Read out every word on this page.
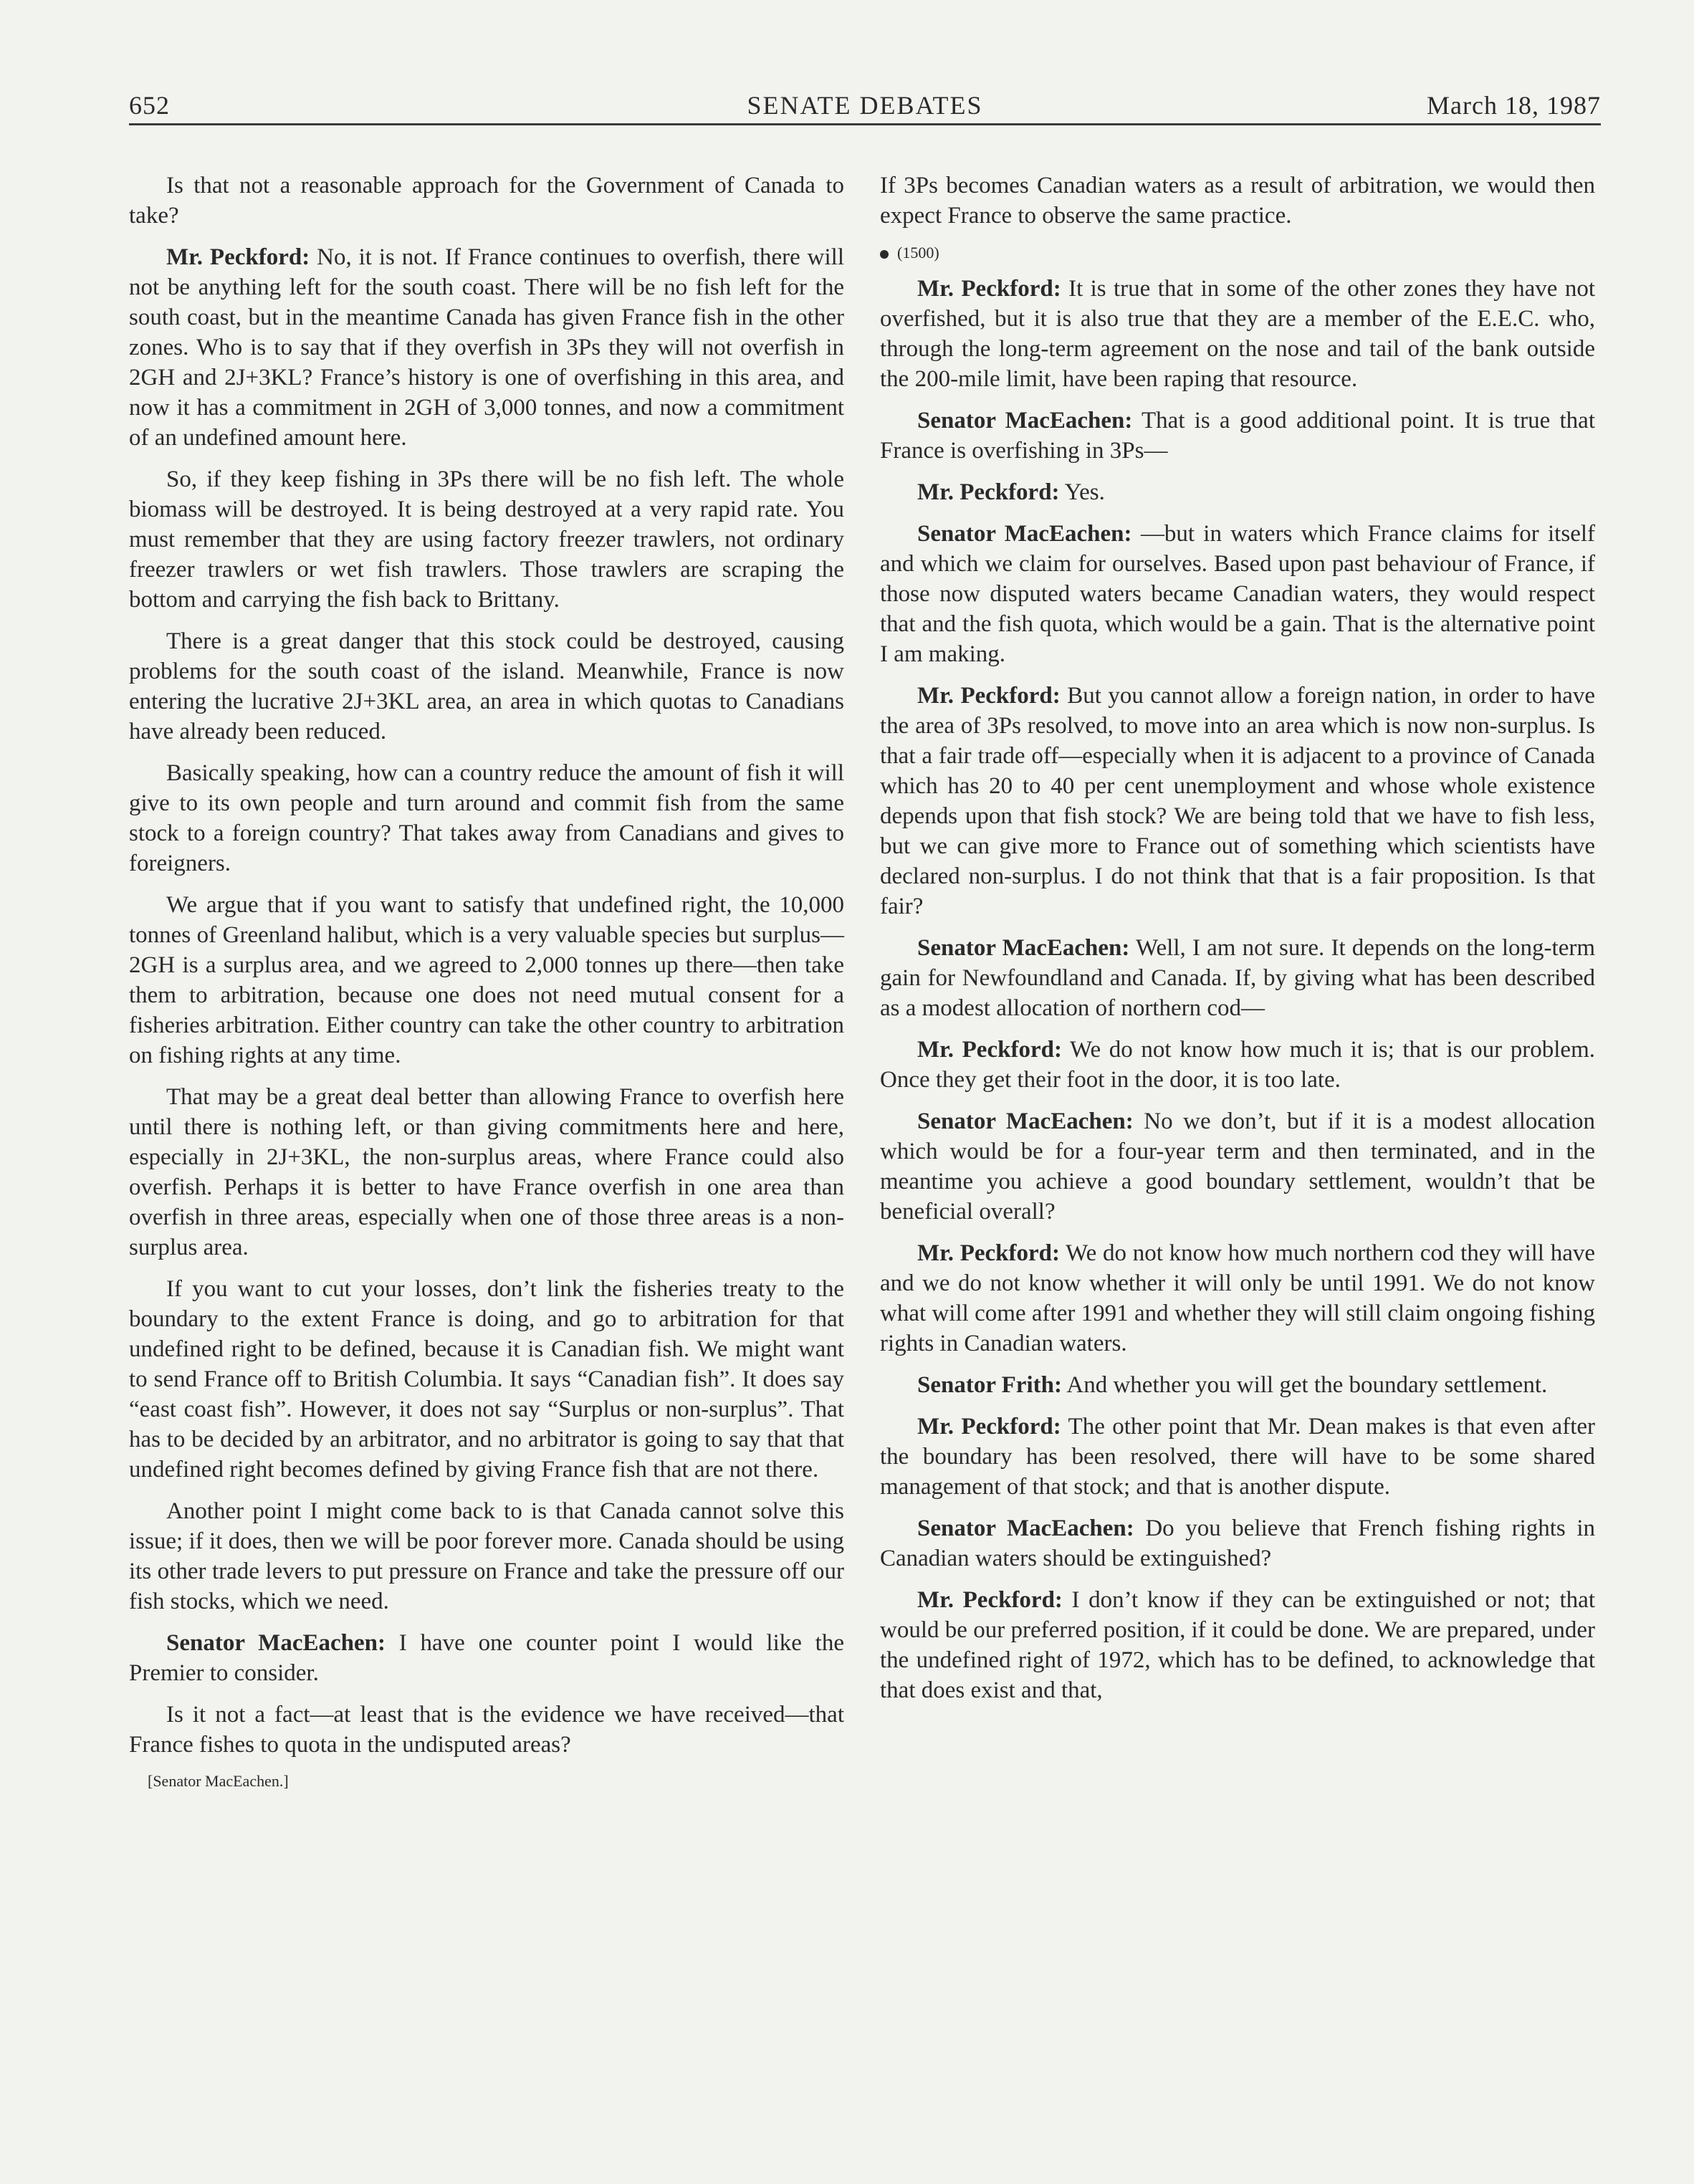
652	SENATE DEBATES	March 18, 1987

Is that not a reasonable approach for the Government of Canada to take?

Mr. Peckford: No, it is not. If France continues to overfish, there will not be anything left for the south coast. There will be no fish left for the south coast, but in the meantime Canada has given France fish in the other zones. Who is to say that if they overfish in 3Ps they will not overfish in 2GH and 2J+3KL? France’s history is one of overfishing in this area, and now it has a commitment in 2GH of 3,000 tonnes, and now a commitment of an undefined amount here.

So, if they keep fishing in 3Ps there will be no fish left. The whole biomass will be destroyed. It is being destroyed at a very rapid rate. You must remember that they are using factory freezer trawlers, not ordinary freezer trawlers or wet fish trawlers. Those trawlers are scraping the bottom and carrying the fish back to Brittany.

There is a great danger that this stock could be destroyed, causing problems for the south coast of the island. Meanwhile, France is now entering the lucrative 2J+3KL area, an area in which quotas to Canadians have already been reduced.

Basically speaking, how can a country reduce the amount of fish it will give to its own people and turn around and commit fish from the same stock to a foreign country? That takes away from Canadians and gives to foreigners.

We argue that if you want to satisfy that undefined right, the 10,000 tonnes of Greenland halibut, which is a very valuable species but surplus—2GH is a surplus area, and we agreed to 2,000 tonnes up there—then take them to arbitration, because one does not need mutual consent for a fisheries arbitration. Either country can take the other country to arbitration on fishing rights at any time.

That may be a great deal better than allowing France to overfish here until there is nothing left, or than giving commitments here and here, especially in 2J+3KL, the non-surplus areas, where France could also overfish. Perhaps it is better to have France overfish in one area than overfish in three areas, especially when one of those three areas is a non-surplus area.

If you want to cut your losses, don’t link the fisheries treaty to the boundary to the extent France is doing, and go to arbitration for that undefined right to be defined, because it is Canadian fish. We might want to send France off to British Columbia. It says “Canadian fish”. It does say “east coast fish”. However, it does not say “Surplus or non-surplus”. That has to be decided by an arbitrator, and no arbitrator is going to say that that undefined right becomes defined by giving France fish that are not there.

Another point I might come back to is that Canada cannot solve this issue; if it does, then we will be poor forever more. Canada should be using its other trade levers to put pressure on France and take the pressure off our fish stocks, which we need.

Senator MacEachen: I have one counter point I would like the Premier to consider.

Is it not a fact—at least that is the evidence we have received—that France fishes to quota in the undisputed areas?

[Senator MacEachen.]

If 3Ps becomes Canadian waters as a result of arbitration, we would then expect France to observe the same practice.

(1500)

Mr. Peckford: It is true that in some of the other zones they have not overfished, but it is also true that they are a member of the E.E.C. who, through the long-term agreement on the nose and tail of the bank outside the 200-mile limit, have been raping that resource.

Senator MacEachen: That is a good additional point. It is true that France is overfishing in 3Ps—

Mr. Peckford: Yes.

Senator MacEachen: —but in waters which France claims for itself and which we claim for ourselves. Based upon past behaviour of France, if those now disputed waters became Canadian waters, they would respect that and the fish quota, which would be a gain. That is the alternative point I am making.

Mr. Peckford: But you cannot allow a foreign nation, in order to have the area of 3Ps resolved, to move into an area which is now non-surplus. Is that a fair trade off—especially when it is adjacent to a province of Canada which has 20 to 40 per cent unemployment and whose whole existence depends upon that fish stock? We are being told that we have to fish less, but we can give more to France out of something which scientists have declared non-surplus. I do not think that that is a fair proposition. Is that fair?

Senator MacEachen: Well, I am not sure. It depends on the long-term gain for Newfoundland and Canada. If, by giving what has been described as a modest allocation of northern cod—

Mr. Peckford: We do not know how much it is; that is our problem. Once they get their foot in the door, it is too late.

Senator MacEachen: No we don’t, but if it is a modest allocation which would be for a four-year term and then terminated, and in the meantime you achieve a good boundary settlement, wouldn’t that be beneficial overall?

Mr. Peckford: We do not know how much northern cod they will have and we do not know whether it will only be until 1991. We do not know what will come after 1991 and whether they will still claim ongoing fishing rights in Canadian waters.

Senator Frith: And whether you will get the boundary settlement.

Mr. Peckford: The other point that Mr. Dean makes is that even after the boundary has been resolved, there will have to be some shared management of that stock; and that is another dispute.

Senator MacEachen: Do you believe that French fishing rights in Canadian waters should be extinguished?

Mr. Peckford: I don’t know if they can be extinguished or not; that would be our preferred position, if it could be done. We are prepared, under the undefined right of 1972, which has to be defined, to acknowledge that that does exist and that,
